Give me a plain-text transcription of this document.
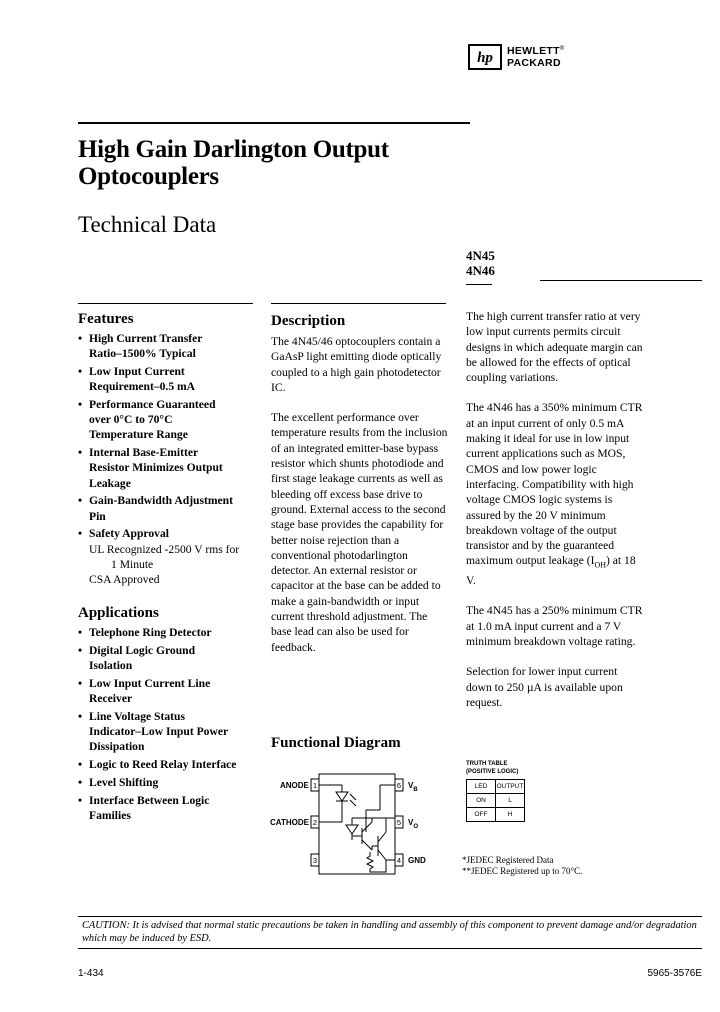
hp HEWLETT®
PACKARD
High Gain Darlington Output
Optocouplers
Technical Data
4N45
4N46
Features
• High Current Transfer
Ratio–1500% Typical
• Low Input Current
Requirement–0.5 mA
• Performance Guaranteed
over 0°C to 70°C
Temperature Range
• Internal Base-Emitter
Resistor Minimizes Output
Leakage
• Gain-Bandwidth Adjustment
Pin
• Safety Approval
UL Recognized -2500 V rms for
1 Minute
CSA Approved
Applications
• Telephone Ring Detector
• Digital Logic Ground
Isolation
• Low Input Current Line
Receiver
• Line Voltage Status
Indicator–Low Input Power
Dissipation
• Logic to Reed Relay Interface
• Level Shifting
• Interface Between Logic
Families
Description
The 4N45/46 optocouplers contain a GaAsP light emitting diode optically coupled to a high gain photodetector IC.
The excellent performance over temperature results from the inclusion of an integrated emitter-base bypass resistor which shunts photodiode and first stage leakage currents as well as bleeding off excess base drive to ground. External access to the second stage base provides the capability for better noise rejection than a conventional photodarlington detector. An external resistor or capacitor at the base can be added to make a gain-bandwidth or input current threshold adjustment. The base lead can also be used for feedback.

The high current transfer ratio at very low input currents permits circuit designs in which adequate margin can be allowed for the effects of optical coupling variations.

The 4N46 has a 350% minimum CTR at an input current of only 0.5 mA making it ideal for use in low input current applications such as MOS, CMOS and low power logic interfacing. Compatibility with high voltage CMOS logic systems is assured by the 20 V minimum breakdown voltage of the output transistor and by the guaranteed maximum output leakage $(I_{OH})$ at 18 V.

The 4N45 has a 250% minimum CTR at 1.0 mA input current and a 7 V minimum breakdown voltage rating.

Selection for lower input current down to 250 µA is available upon request.

Functional Diagram
ANODE
CATHODE
GND
$V_B$
$V_O$
1
2
3	4
5
6
TRUTH TABLE
(POSITIVE LOGIC)
LED	OUTPUT
ON	L
OFF	H
*JEDEC Registered Data
**JEDEC Registered up to 70°C.
CAUTION: It is advised that normal static precautions be taken in handling and assembly of this component to prevent damage and/or degradation which may be induced by ESD.
1-434	5965-3576E
